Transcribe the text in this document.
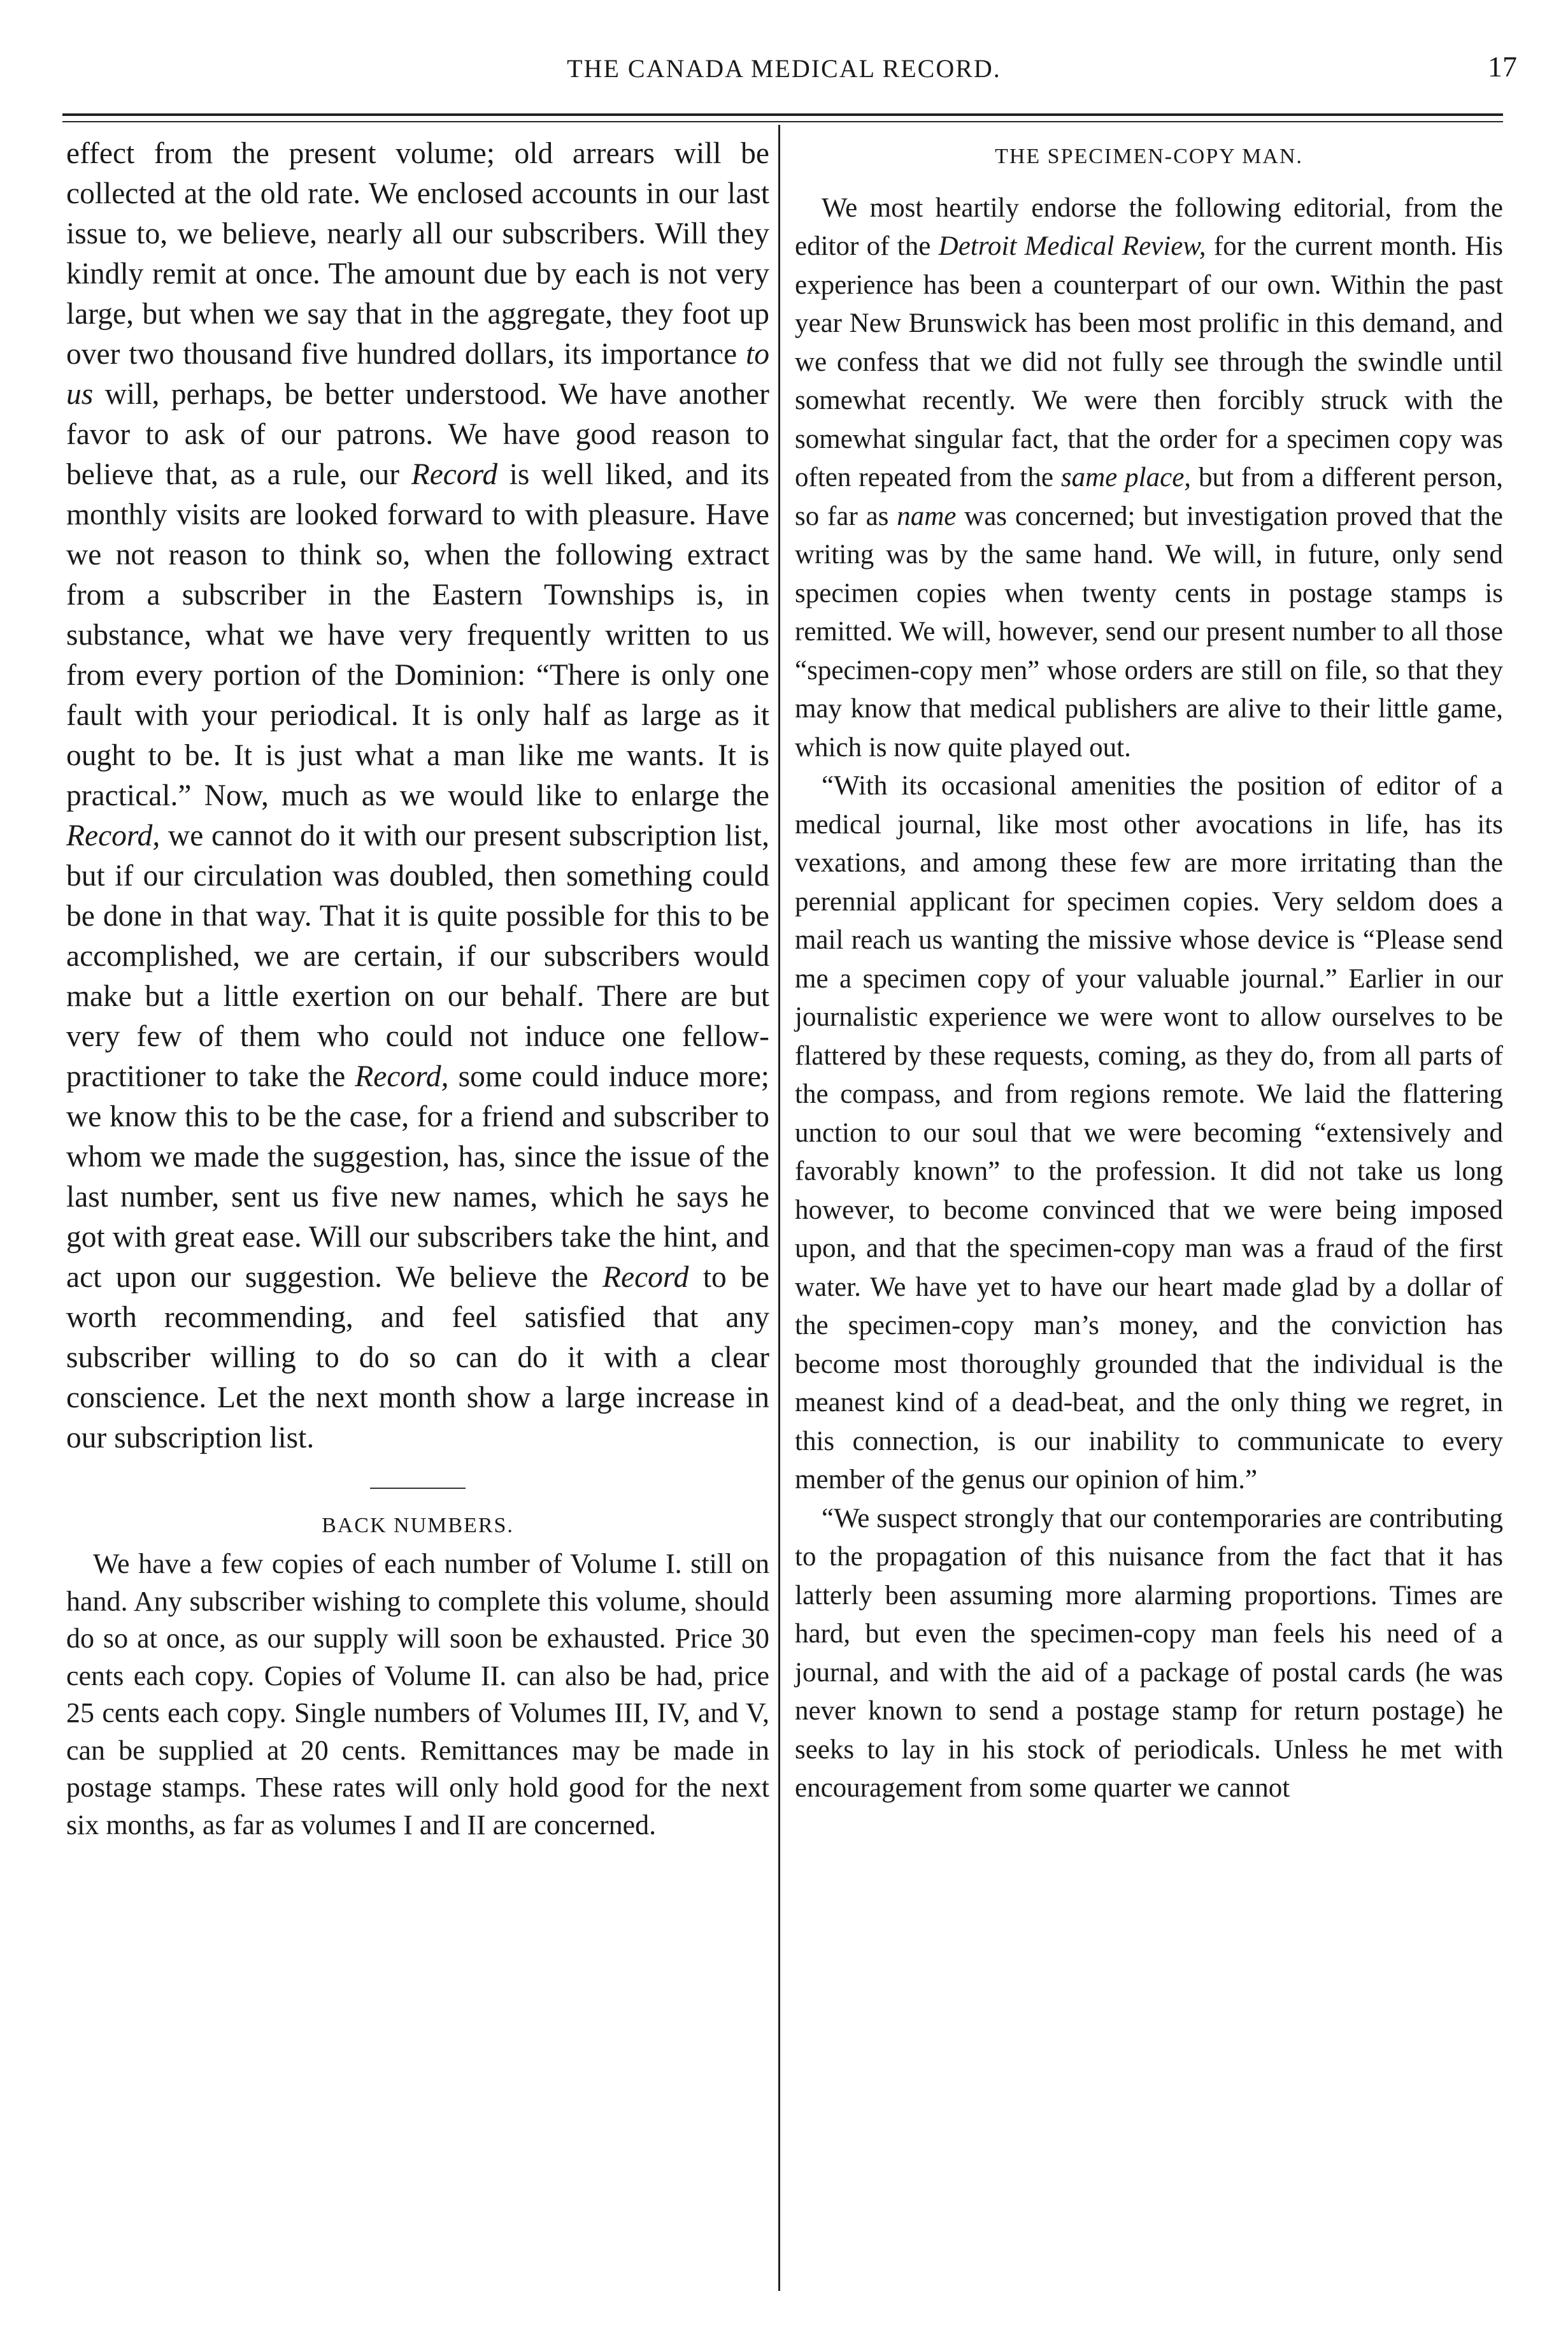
THE CANADA MEDICAL RECORD.	17

effect from the present volume; old arrears will be collected at the old rate. We enclosed accounts in our last issue to, we believe, nearly all our subscribers. Will they kindly remit at once. The amount due by each is not very large, but when we say that in the aggregate, they foot up over two thousand five hundred dollars, its importance to us will, perhaps, be better understood. We have another favor to ask of our patrons. We have good reason to believe that, as a rule, our Record is well liked, and its monthly visits are looked forward to with pleasure. Have we not reason to think so, when the following extract from a subscriber in the Eastern Townships is, in substance, what we have very frequently written to us from every portion of the Dominion: “There is only one fault with your periodical. It is only half as large as it ought to be. It is just what a man like me wants. It is practical.” Now, much as we would like to enlarge the Record, we cannot do it with our present subscription list, but if our circulation was doubled, then something could be done in that way. That it is quite possible for this to be accomplished, we are certain, if our subscribers would make but a little exertion on our behalf. There are but very few of them who could not induce one fellow-practitioner to take the Record, some could induce more; we know this to be the case, for a friend and subscriber to whom we made the suggestion, has, since the issue of the last number, sent us five new names, which he says he got with great ease. Will our subscribers take the hint, and act upon our suggestion. We believe the Record to be worth recommending, and feel satisfied that any subscriber willing to do so can do it with a clear conscience. Let the next month show a large increase in our subscription list.

BACK NUMBERS.

We have a few copies of each number of Volume I. still on hand. Any subscriber wishing to complete this volume, should do so at once, as our supply will soon be exhausted. Price 30 cents each copy. Copies of Volume II. can also be had, price 25 cents each copy. Single numbers of Volumes III, IV, and V, can be supplied at 20 cents. Remittances may be made in postage stamps. These rates will only hold good for the next six months, as far as volumes I and II are concerned.

THE SPECIMEN-COPY MAN.

We most heartily endorse the following editorial, from the editor of the Detroit Medical Review, for the current month. His experience has been a counterpart of our own. Within the past year New Brunswick has been most prolific in this demand, and we confess that we did not fully see through the swindle until somewhat recently. We were then forcibly struck with the somewhat singular fact, that the order for a specimen copy was often repeated from the same place, but from a different person, so far as name was concerned; but investigation proved that the writing was by the same hand. We will, in future, only send specimen copies when twenty cents in postage stamps is remitted. We will, however, send our present number to all those “specimen-copy men” whose orders are still on file, so that they may know that medical publishers are alive to their little game, which is now quite played out.

“With its occasional amenities the position of editor of a medical journal, like most other avocations in life, has its vexations, and among these few are more irritating than the perennial applicant for specimen copies. Very seldom does a mail reach us wanting the missive whose device is “Please send me a specimen copy of your valuable journal.” Earlier in our journalistic experience we were wont to allow ourselves to be flattered by these requests, coming, as they do, from all parts of the compass, and from regions remote. We laid the flattering unction to our soul that we were becoming “extensively and favorably known” to the profession. It did not take us long however, to become convinced that we were being imposed upon, and that the specimen-copy man was a fraud of the first water. We have yet to have our heart made glad by a dollar of the specimen-copy man’s money, and the conviction has become most thoroughly grounded that the individual is the meanest kind of a dead-beat, and the only thing we regret, in this connection, is our inability to communicate to every member of the genus our opinion of him.”

“We suspect strongly that our contemporaries are contributing to the propagation of this nuisance from the fact that it has latterly been assuming more alarming proportions. Times are hard, but even the specimen-copy man feels his need of a journal, and with the aid of a package of postal cards (he was never known to send a postage stamp for return postage) he seeks to lay in his stock of periodicals. Unless he met with encouragement from some quarter we cannot
